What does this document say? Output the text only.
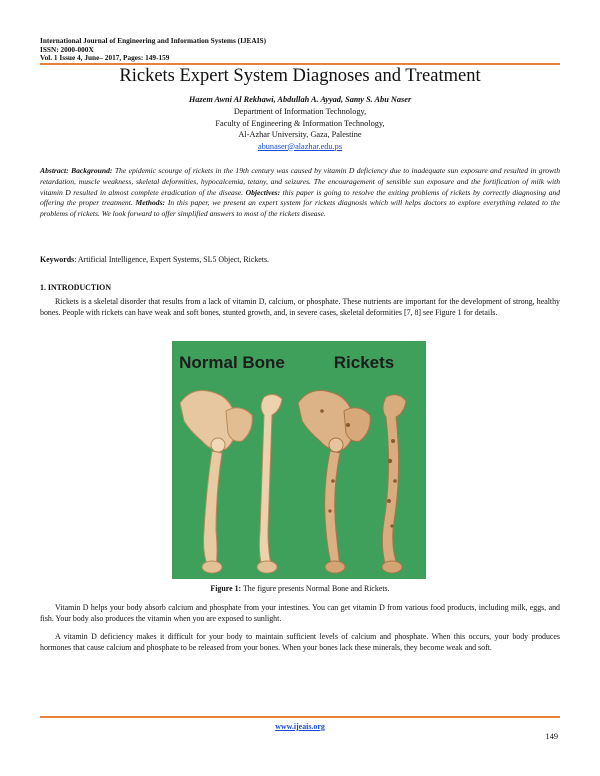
International Journal of Engineering and Information Systems (IJEAIS)
ISSN: 2000-000X
Vol. 1 Issue 4, June– 2017, Pages: 149-159
Rickets Expert System Diagnoses and Treatment
Hazem Awni Al Rekhawi, Abdullah A. Ayyad, Samy S. Abu Naser
Department of Information Technology,
Faculty of Engineering & Information Technology,
Al-Azhar University, Gaza, Palestine
abunaser@alazhar.edu.ps
Abstract: Background: The epidemic scourge of rickets in the 19th century was caused by vitamin D deficiency due to inadequate sun exposure and resulted in growth retardation, muscle weakness, skeletal deformities, hypocalcemia, tetany, and seizures. The encouragement of sensible sun exposure and the fortification of milk with vitamin D resulted in almost complete eradication of the disease. Objectives: this paper is going to resolve the exiting problems of rickets by correctly diagnosing and offering the proper treatment. Methods: In this paper, we present an expert system for rickets diagnosis which will helps doctors to explore everything related to the problems of rickets. We look forward to offer simplified answers to most of the rickets disease.
Keywords: Artificial Intelligence, Expert Systems, SL5 Object, Rickets.
1. INTRODUCTION
Rickets is a skeletal disorder that results from a lack of vitamin D, calcium, or phosphate. These nutrients are important for the development of strong, healthy bones. People with rickets can have weak and soft bones, stunted growth, and, in severe cases, skeletal deformities [7, 8] see Figure 1 for details.
Normal Bone	Rickets
Figure 1: The figure presents Normal Bone and Rickets.
Vitamin D helps your body absorb calcium and phosphate from your intestines. You can get vitamin D from various food products, including milk, eggs, and fish. Your body also produces the vitamin when you are exposed to sunlight.
A vitamin D deficiency makes it difficult for your body to maintain sufficient levels of calcium and phosphate. When this occurs, your body produces hormones that cause calcium and phosphate to be released from your bones. When your bones lack these minerals, they become weak and soft.
www.ijeais.org
149
